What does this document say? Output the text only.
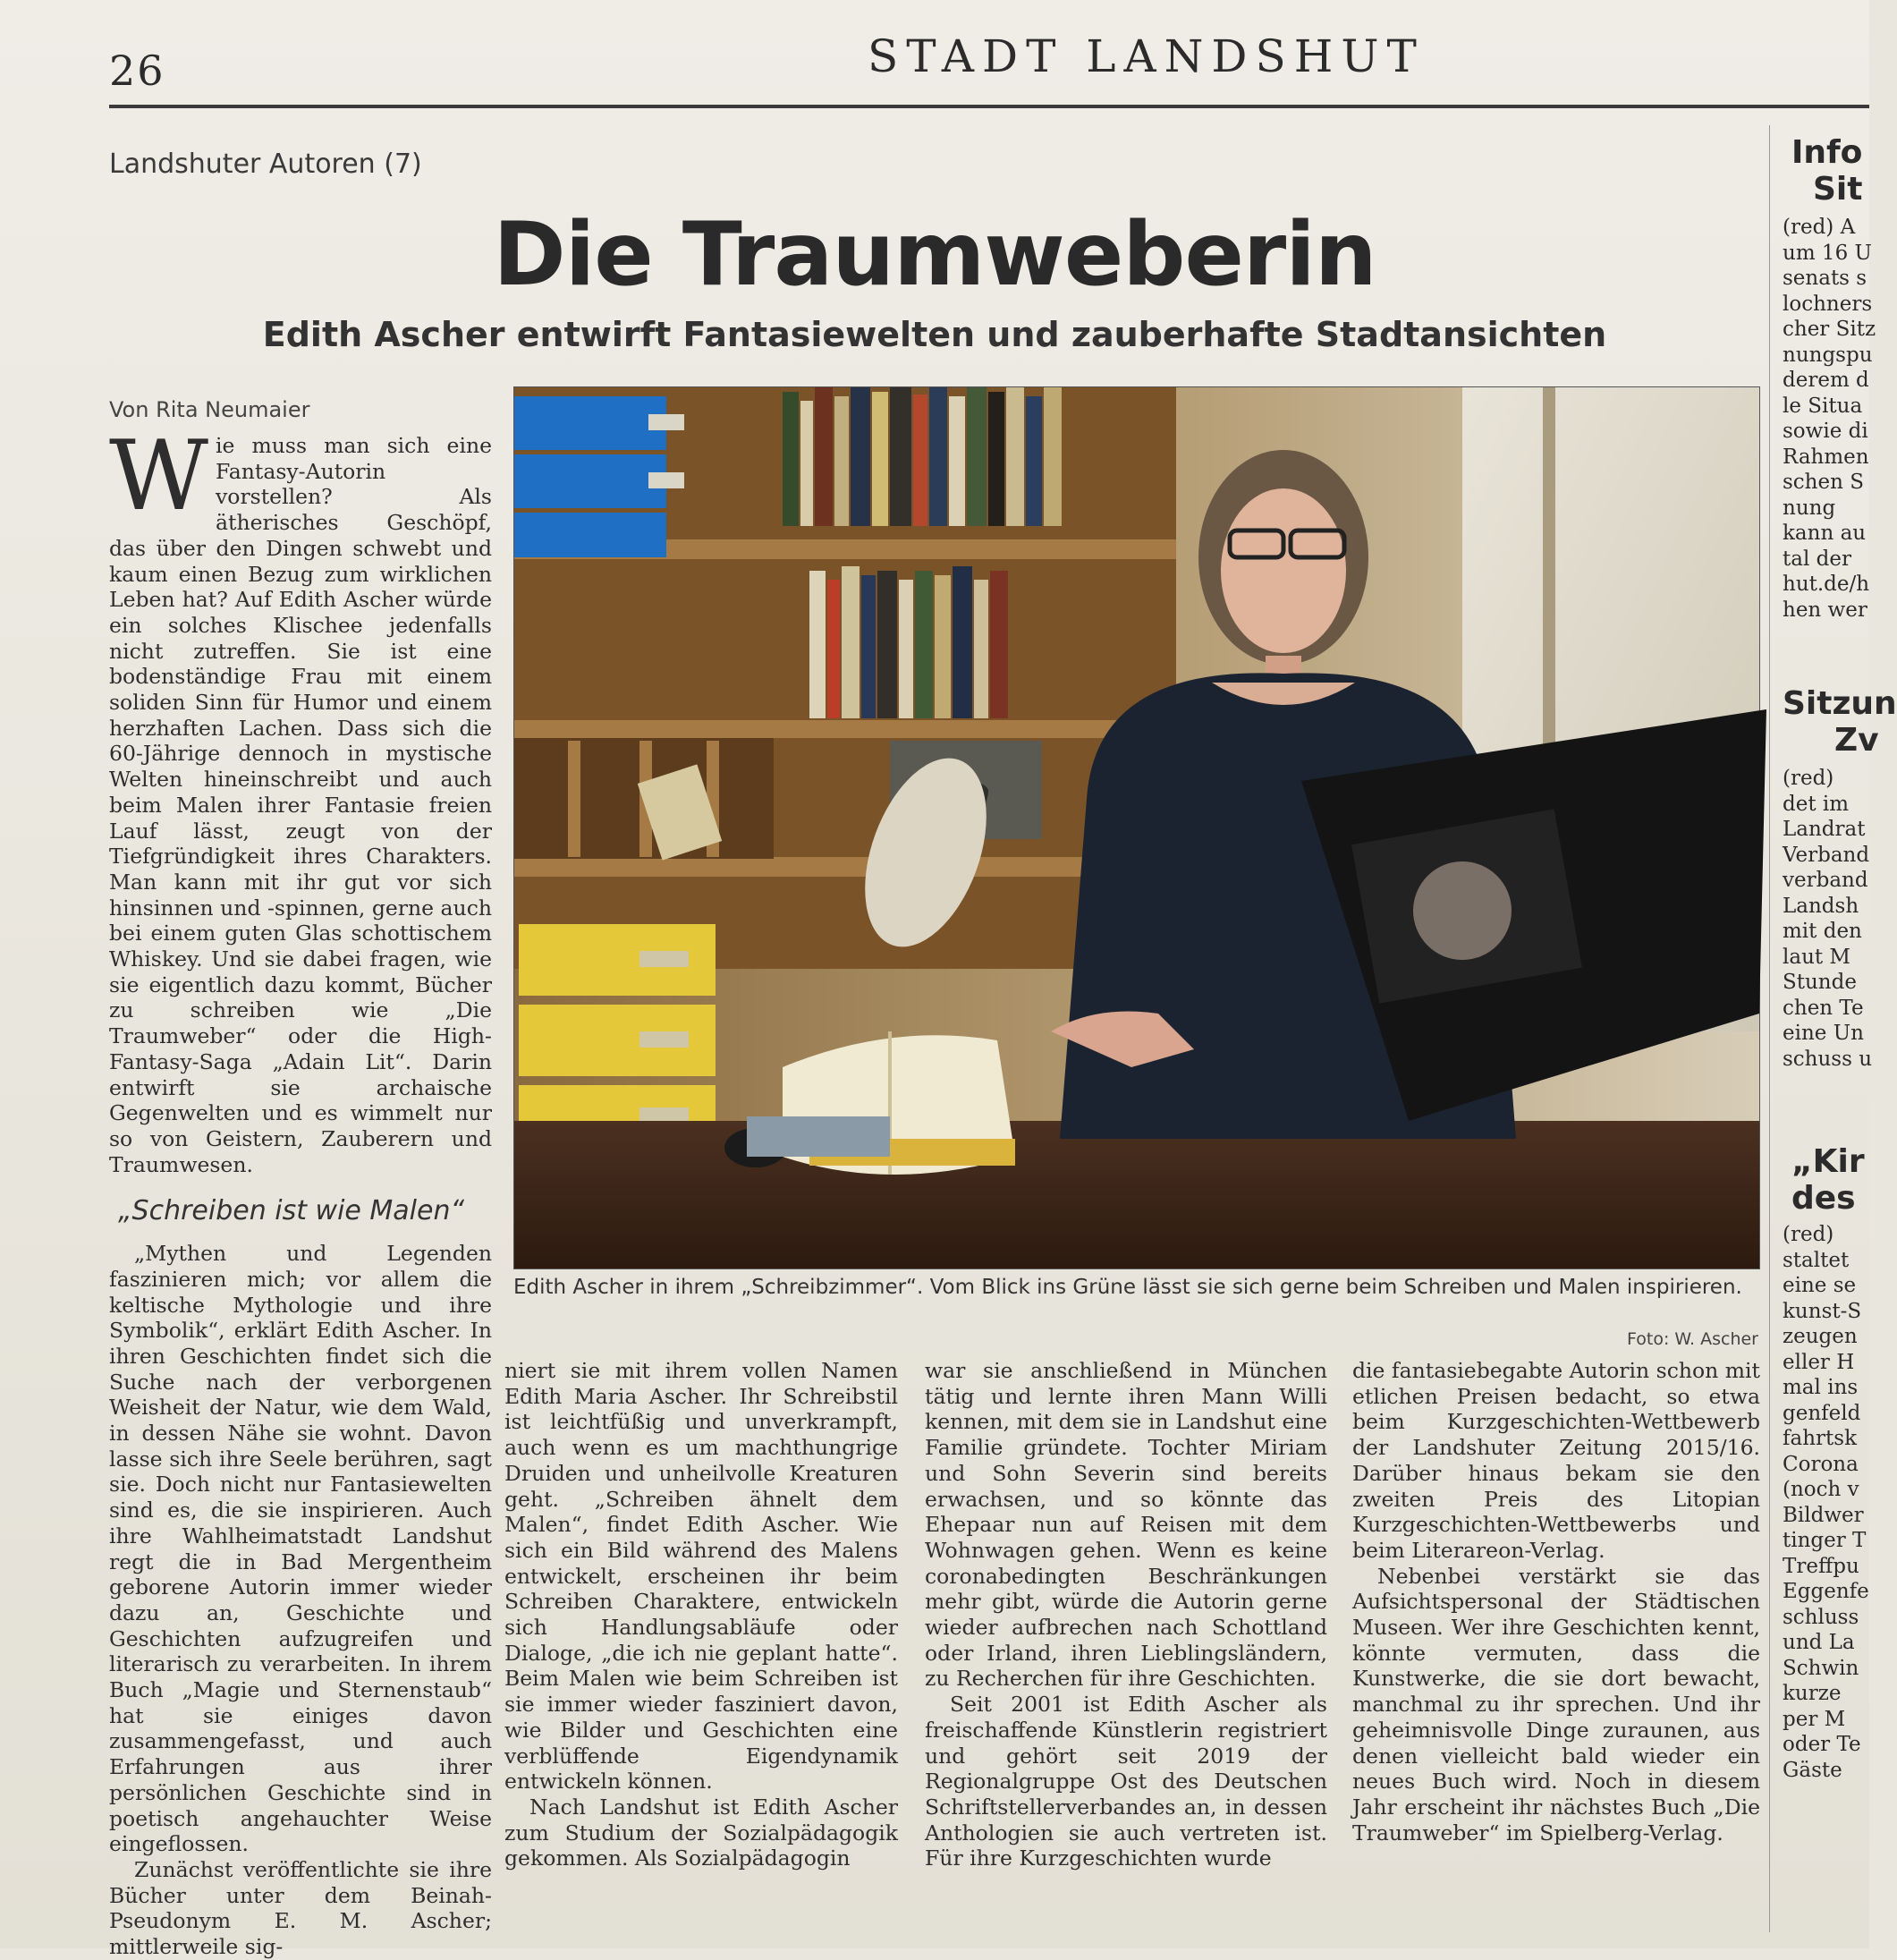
26	STADT LANDSHUT
Landshuter Autoren (7)
Die Traumweberin
Edith Ascher entwirft Fantasiewelten und zauberhafte Stadtansichten
Von Rita Neumaier

Wie muss man sich eine Fantasy-Autorin vorstellen? Als ätherisches Geschöpf, das über den Dingen schwebt und kaum einen Bezug zum wirklichen Leben hat? Auf Edith Ascher würde ein solches Klischee jedenfalls nicht zutreffen. Sie ist eine bodenständige Frau mit einem soliden Sinn für Humor und einem herzhaften Lachen. Dass sich die 60-Jährige dennoch in mystische Welten hineinschreibt und auch beim Malen ihrer Fantasie freien Lauf lässt, zeugt von der Tiefgründigkeit ihres Charakters. Man kann mit ihr gut vor sich hinsinnen und -spinnen, gerne auch bei einem guten Glas schottischem Whiskey. Und sie dabei fragen, wie sie eigentlich dazu kommt, Bücher zu schreiben wie „Die Traumweber“ oder die High-Fantasy-Saga „Adain Lit“. Darin entwirft sie archaische Gegenwelten und es wimmelt nur so von Geistern, Zauberern und Traumwesen.

„Schreiben ist wie Malen“

„Mythen und Legenden faszinieren mich; vor allem die keltische Mythologie und ihre Symbolik“, erklärt Edith Ascher. In ihren Geschichten findet sich die Suche nach der verborgenen Weisheit der Natur, wie dem Wald, in dessen Nähe sie wohnt. Davon lasse sich ihre Seele berühren, sagt sie. Doch nicht nur Fantasiewelten sind es, die sie inspirieren. Auch ihre Wahlheimatstadt Landshut regt die in Bad Mergentheim geborene Autorin immer wieder dazu an, Geschichte und Geschichten aufzugreifen und literarisch zu verarbeiten. In ihrem Buch „Magie und Sternenstaub“ hat sie einiges davon zusammengefasst, und auch Erfahrungen aus ihrer persönlichen Geschichte sind in poetisch angehauchter Weise eingeflossen.

Zunächst veröffentlichte sie ihre Bücher unter dem Beinah-Pseudonym E. M. Ascher; mittlerweile sig-

Edith Ascher in ihrem „Schreibzimmer“. Vom Blick ins Grüne lässt sie sich gerne beim Schreiben und Malen inspirieren.
Foto: W. Ascher

niert sie mit ihrem vollen Namen Edith Maria Ascher. Ihr Schreibstil ist leichtfüßig und unverkrampft, auch wenn es um machthungrige Druiden und unheilvolle Kreaturen geht. „Schreiben ähnelt dem Malen“, findet Edith Ascher. Wie sich ein Bild während des Malens entwickelt, erscheinen ihr beim Schreiben Charaktere, entwickeln sich Handlungsabläufe oder Dialoge, „die ich nie geplant hatte“. Beim Malen wie beim Schreiben ist sie immer wieder fasziniert davon, wie Bilder und Geschichten eine verblüffende Eigendynamik entwickeln können.

Nach Landshut ist Edith Ascher zum Studium der Sozialpädagogik gekommen. Als Sozialpädagogin

war sie anschließend in München tätig und lernte ihren Mann Willi kennen, mit dem sie in Landshut eine Familie gründete. Tochter Miriam und Sohn Severin sind bereits erwachsen, und so könnte das Ehepaar nun auf Reisen mit dem Wohnwagen gehen. Wenn es keine coronabedingten Beschränkungen mehr gibt, würde die Autorin gerne wieder aufbrechen nach Schottland oder Irland, ihren Lieblingsländern, zu Recherchen für ihre Geschichten.

Seit 2001 ist Edith Ascher als freischaffende Künstlerin registriert und gehört seit 2019 der Regionalgruppe Ost des Deutschen Schriftstellerverbandes an, in dessen Anthologien sie auch vertreten ist. Für ihre Kurzgeschichten wurde

die fantasiebegabte Autorin schon mit etlichen Preisen bedacht, so etwa beim Kurzgeschichten-Wettbewerb der Landshuter Zeitung 2015/16. Darüber hinaus bekam sie den zweiten Preis des Litopian Kurzgeschichten-Wettbewerbs und beim Literareon-Verlag.

Nebenbei verstärkt sie das Aufsichtspersonal der Städtischen Museen. Wer ihre Geschichten kennt, könnte vermuten, dass die Kunstwerke, die sie dort bewacht, manchmal zu ihr sprechen. Und ihr geheimnisvolle Dinge zuraunen, aus denen vielleicht bald wieder ein neues Buch wird. Noch in diesem Jahr erscheint ihr nächstes Buch „Die Traumweber“ im Spielberg-Verlag.

Info
Sit
(red) A
um 16 U
senats s
lochners
cher Sitz
nungspu
derem d
le Situa
sowie di
Rahmen
schen S
nung
kann au
tal der
hut.de/h
hen wer
Sitzun
Zv
(red)
det im
Landrat
Verband
verband
Landsh
mit den
laut M
Stunde
chen Te
eine Un
schuss u
„Kir
des
(red)
staltet
eine se
kunst-S
zeugen
eller H
mal ins
genfeld
fahrtsk
Corona
(noch v
Bildwer
tinger T
Treffpu
Eggenfe
schluss
und La
Schwin
kurze
per M
oder Te
Gäste
